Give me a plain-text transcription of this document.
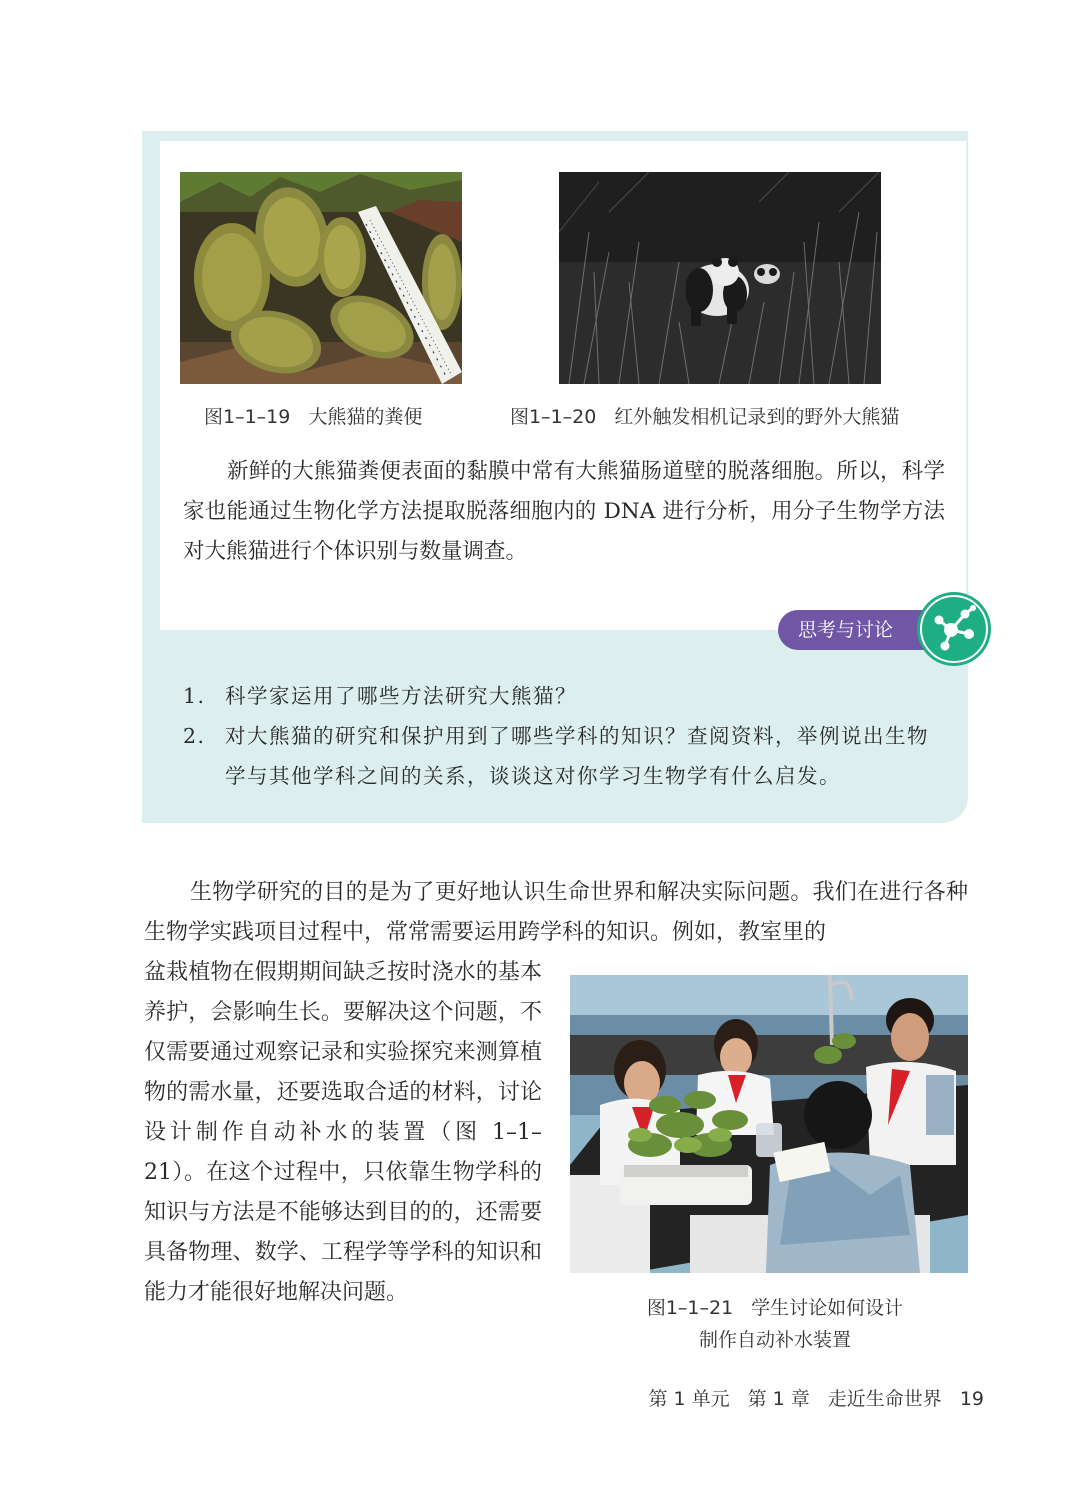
图1–1–19 大熊猫的粪便	图1–1–20 红外触发相机记录到的野外大熊猫

新鲜的大熊猫粪便表面的黏膜中常有大熊猫肠道壁的脱落细胞。所以，科学家也能通过生物化学方法提取脱落细胞内的 DNA 进行分析，用分子生物学方法对大熊猫进行个体识别与数量调查。

思考与讨论
1. 科学家运用了哪些方法研究大熊猫？
2. 对大熊猫的研究和保护用到了哪些学科的知识？查阅资料，举例说出生物学与其他学科之间的关系，谈谈这对你学习生物学有什么启发。

生物学研究的目的是为了更好地认识生命世界和解决实际问题。我们在进行各种生物学实践项目过程中，常常需要运用跨学科的知识。例如，教室里的

盆栽植物在假期期间缺乏按时浇水的基本养护，会影响生长。要解决这个问题，不仅需要通过观察记录和实验探究来测算植物的需水量，还要选取合适的材料，讨论设计制作自动补水的装置（图 1–1–21）。在这个过程中，只依靠生物学科的知识与方法是不能够达到目的的，还需要具备物理、数学、工程学等学科的知识和能力才能很好地解决问题。

图1–1–21 学生讨论如何设计
制作自动补水装置
第 1 单元 第 1 章 走近生命世界 19
